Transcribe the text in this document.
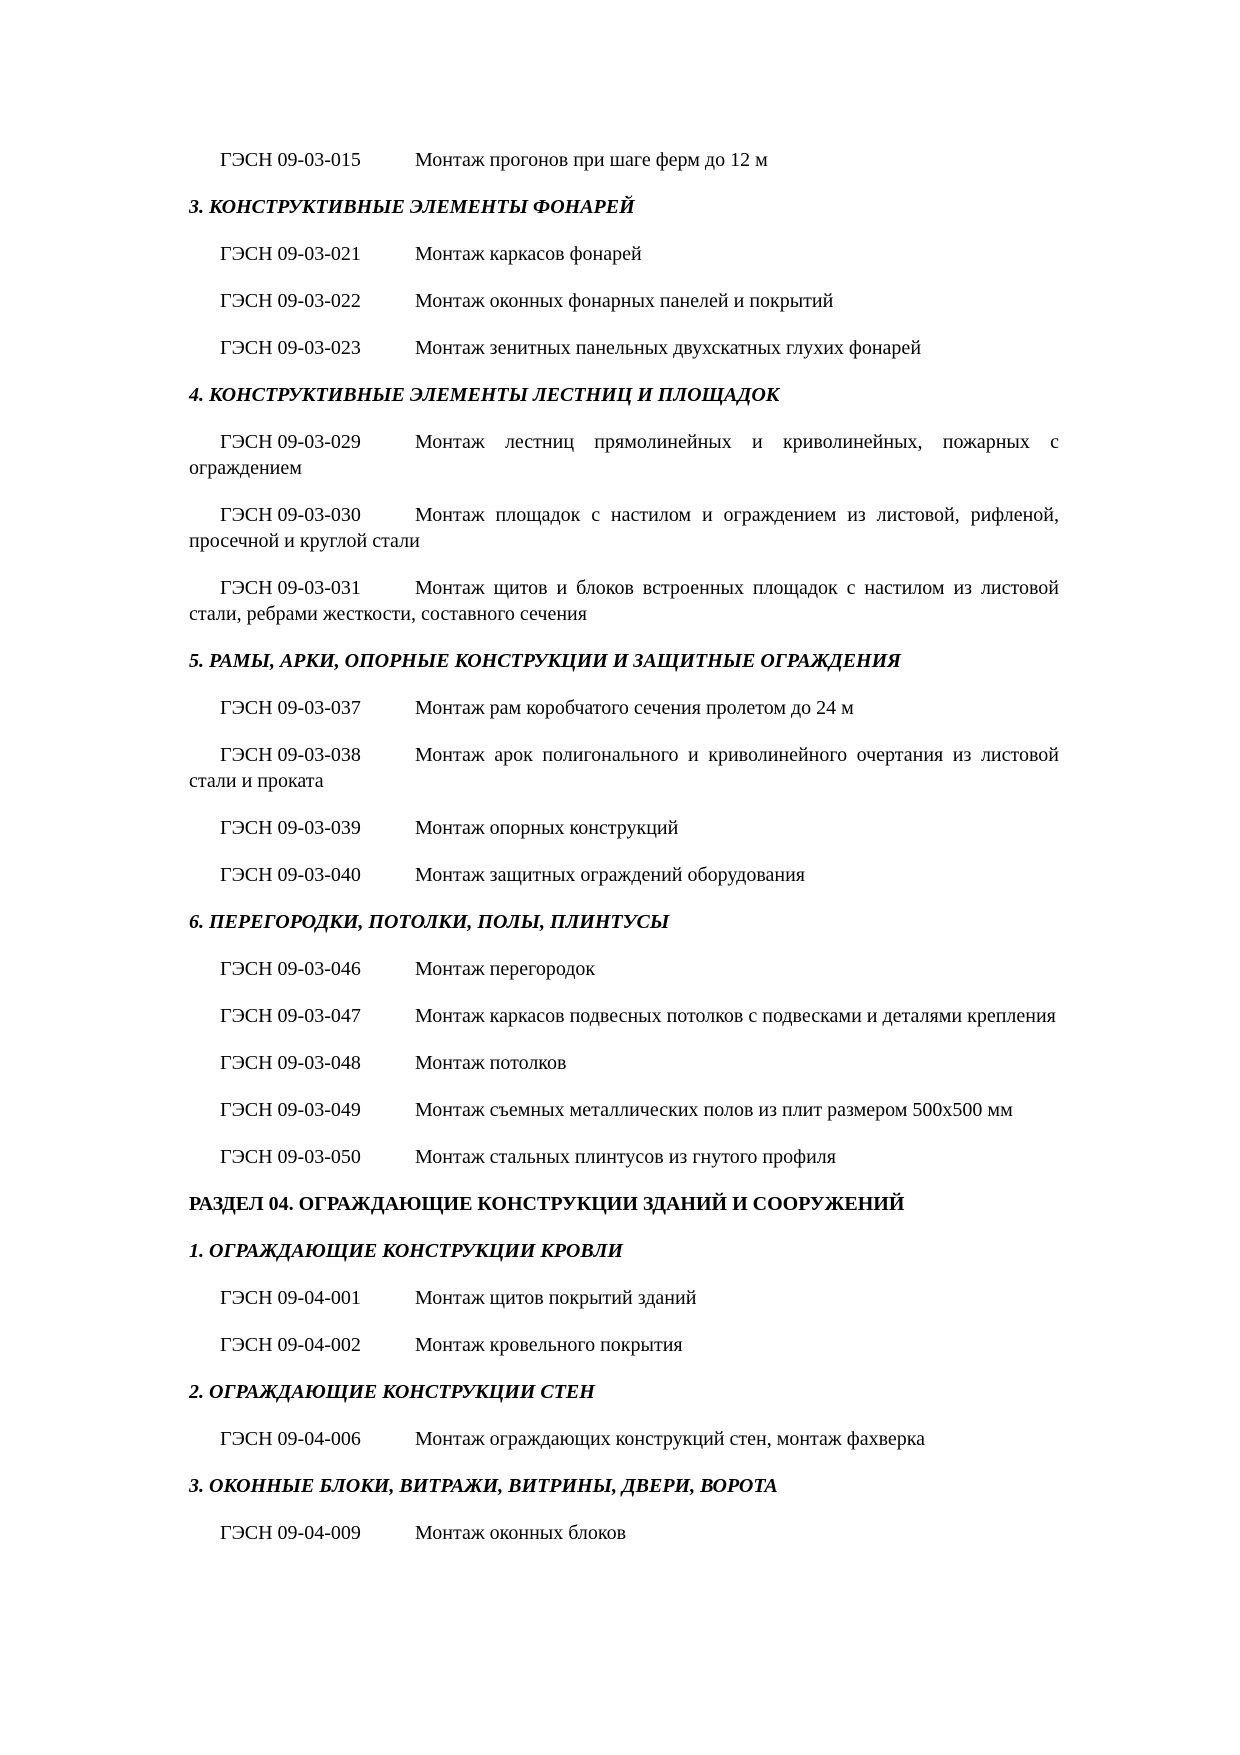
ГЭСН 09-03-015	Монтаж прогонов при шаге ферм до 12 м
3. КОНСТРУКТИВНЫЕ ЭЛЕМЕНТЫ ФОНАРЕЙ
ГЭСН 09-03-021	Монтаж каркасов фонарей
ГЭСН 09-03-022	Монтаж оконных фонарных панелей и покрытий
ГЭСН 09-03-023	Монтаж зенитных панельных двухскатных глухих фонарей
4. КОНСТРУКТИВНЫЕ ЭЛЕМЕНТЫ ЛЕСТНИЦ И ПЛОЩАДОК
ГЭСН 09-03-029	Монтаж лестниц прямолинейных и криволинейных, пожарных с ограждением
ГЭСН 09-03-030	Монтаж площадок с настилом и ограждением из листовой, рифленой, просечной и круглой стали
ГЭСН 09-03-031	Монтаж щитов и блоков встроенных площадок с настилом из листовой стали, ребрами жесткости, составного сечения
5. РАМЫ, АРКИ, ОПОРНЫЕ КОНСТРУКЦИИ И ЗАЩИТНЫЕ ОГРАЖДЕНИЯ
ГЭСН 09-03-037	Монтаж рам коробчатого сечения пролетом до 24 м
ГЭСН 09-03-038	Монтаж арок полигонального и криволинейного очертания из листовой стали и проката
ГЭСН 09-03-039	Монтаж опорных конструкций
ГЭСН 09-03-040	Монтаж защитных ограждений оборудования
6. ПЕРЕГОРОДКИ, ПОТОЛКИ, ПОЛЫ, ПЛИНТУСЫ
ГЭСН 09-03-046	Монтаж перегородок
ГЭСН 09-03-047	Монтаж каркасов подвесных потолков с подвесками и деталями крепления
ГЭСН 09-03-048	Монтаж потолков
ГЭСН 09-03-049	Монтаж съемных металлических полов из плит размером 500х500 мм
ГЭСН 09-03-050	Монтаж стальных плинтусов из гнутого профиля
РАЗДЕЛ 04. ОГРАЖДАЮЩИЕ КОНСТРУКЦИИ ЗДАНИЙ И СООРУЖЕНИЙ
1. ОГРАЖДАЮЩИЕ КОНСТРУКЦИИ КРОВЛИ
ГЭСН 09-04-001	Монтаж щитов покрытий зданий
ГЭСН 09-04-002	Монтаж кровельного покрытия
2. ОГРАЖДАЮЩИЕ КОНСТРУКЦИИ СТЕН
ГЭСН 09-04-006	Монтаж ограждающих конструкций стен, монтаж фахверка
3. ОКОННЫЕ БЛОКИ, ВИТРАЖИ, ВИТРИНЫ, ДВЕРИ, ВОРОТА
ГЭСН 09-04-009	Монтаж оконных блоков
